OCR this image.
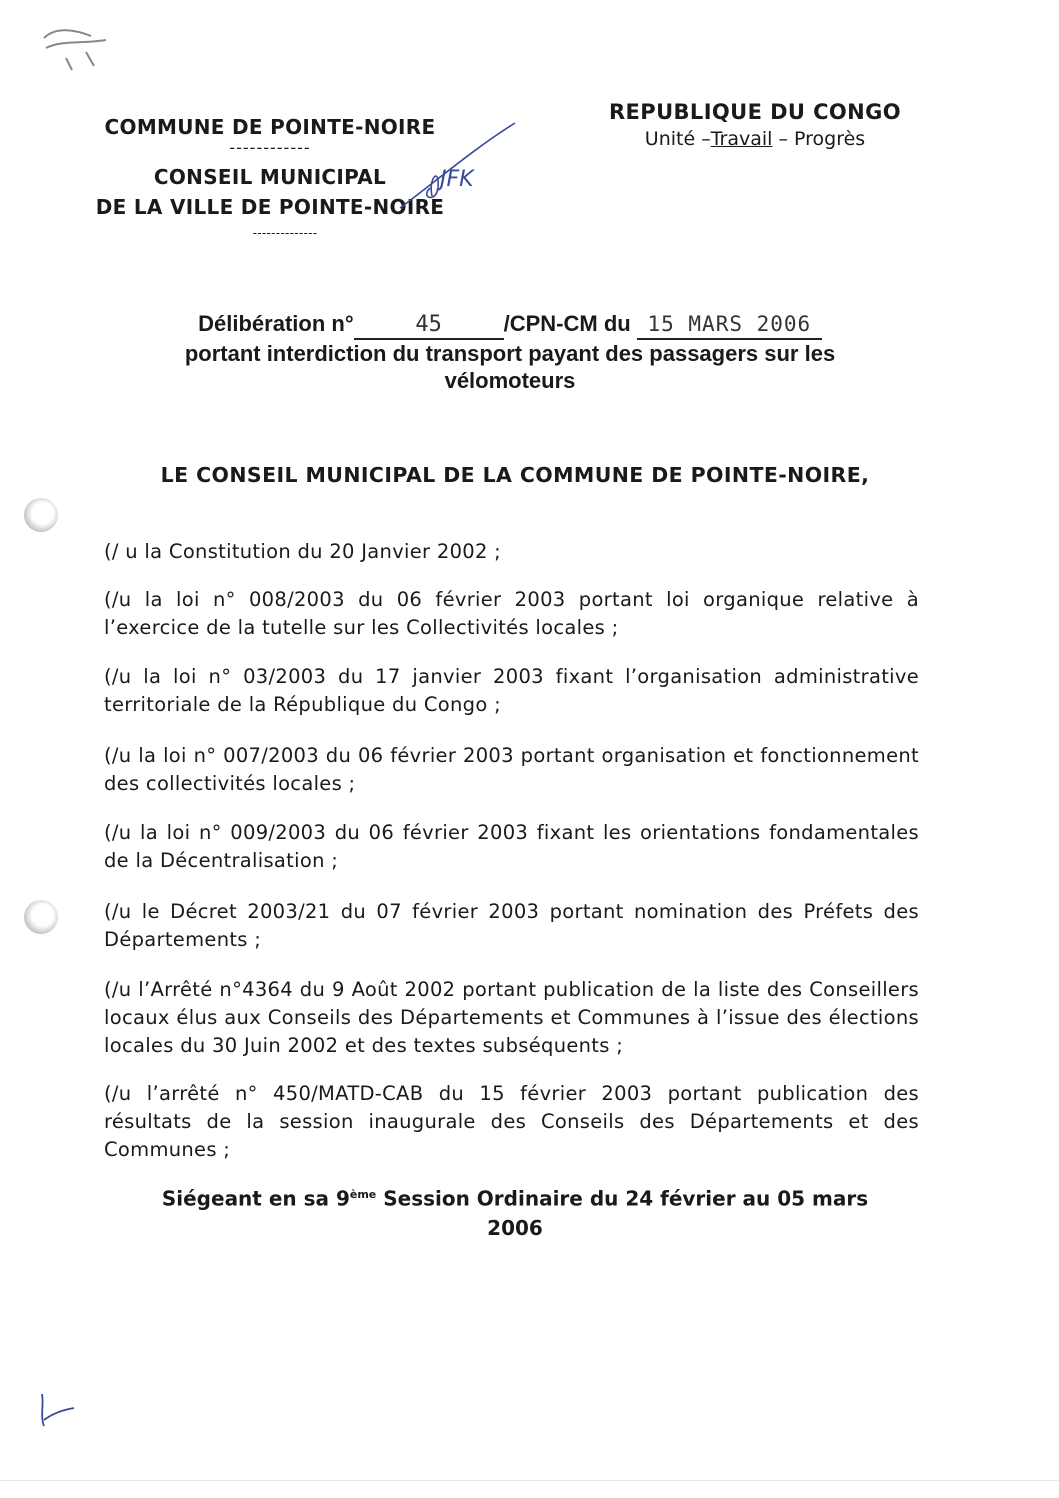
COMMUNE DE POINTE-NOIRE
------------
CONSEIL MUNICIPAL
DE LA VILLE DE POINTE-NOIRE
--------------
JFK
REPUBLIQUE DU CONGO
Unité –Travail – Progrès
Délibération n°	45	/CPN-CM du 15 MARS 2006
portant interdiction du transport payant des passagers sur les
vélomoteurs
LE CONSEIL MUNICIPAL DE LA COMMUNE DE POINTE-NOIRE,
(/ u la Constitution du 20 Janvier 2002 ;
(/u la loi n° 008/2003 du 06 février 2003 portant loi organique relative à l’exercice de la tutelle sur les Collectivités locales ;
(/u la loi n° 03/2003 du 17 janvier 2003 fixant l’organisation administrative territoriale de la République du Congo ;
(/u la loi n° 007/2003 du 06 février 2003 portant organisation et fonctionnement des collectivités locales ;
(/u la loi n° 009/2003 du 06 février 2003 fixant les orientations fondamentales de la Décentralisation ;
(/u le Décret 2003/21 du 07 février 2003 portant nomination des Préfets des Départements ;
(/u l’Arrêté n°4364 du 9 Août 2002 portant publication de la liste des Conseillers locaux élus aux Conseils des Départements et Communes à l’issue des élections locales du 30 Juin 2002 et des textes subséquents ;
(/u l’arrêté n° 450/MATD-CAB du 15 février 2003 portant publication des résultats de la session inaugurale des Conseils des Départements et des Communes ;
Siégeant en sa 9ème Session Ordinaire du 24 février au 05 mars
2006
